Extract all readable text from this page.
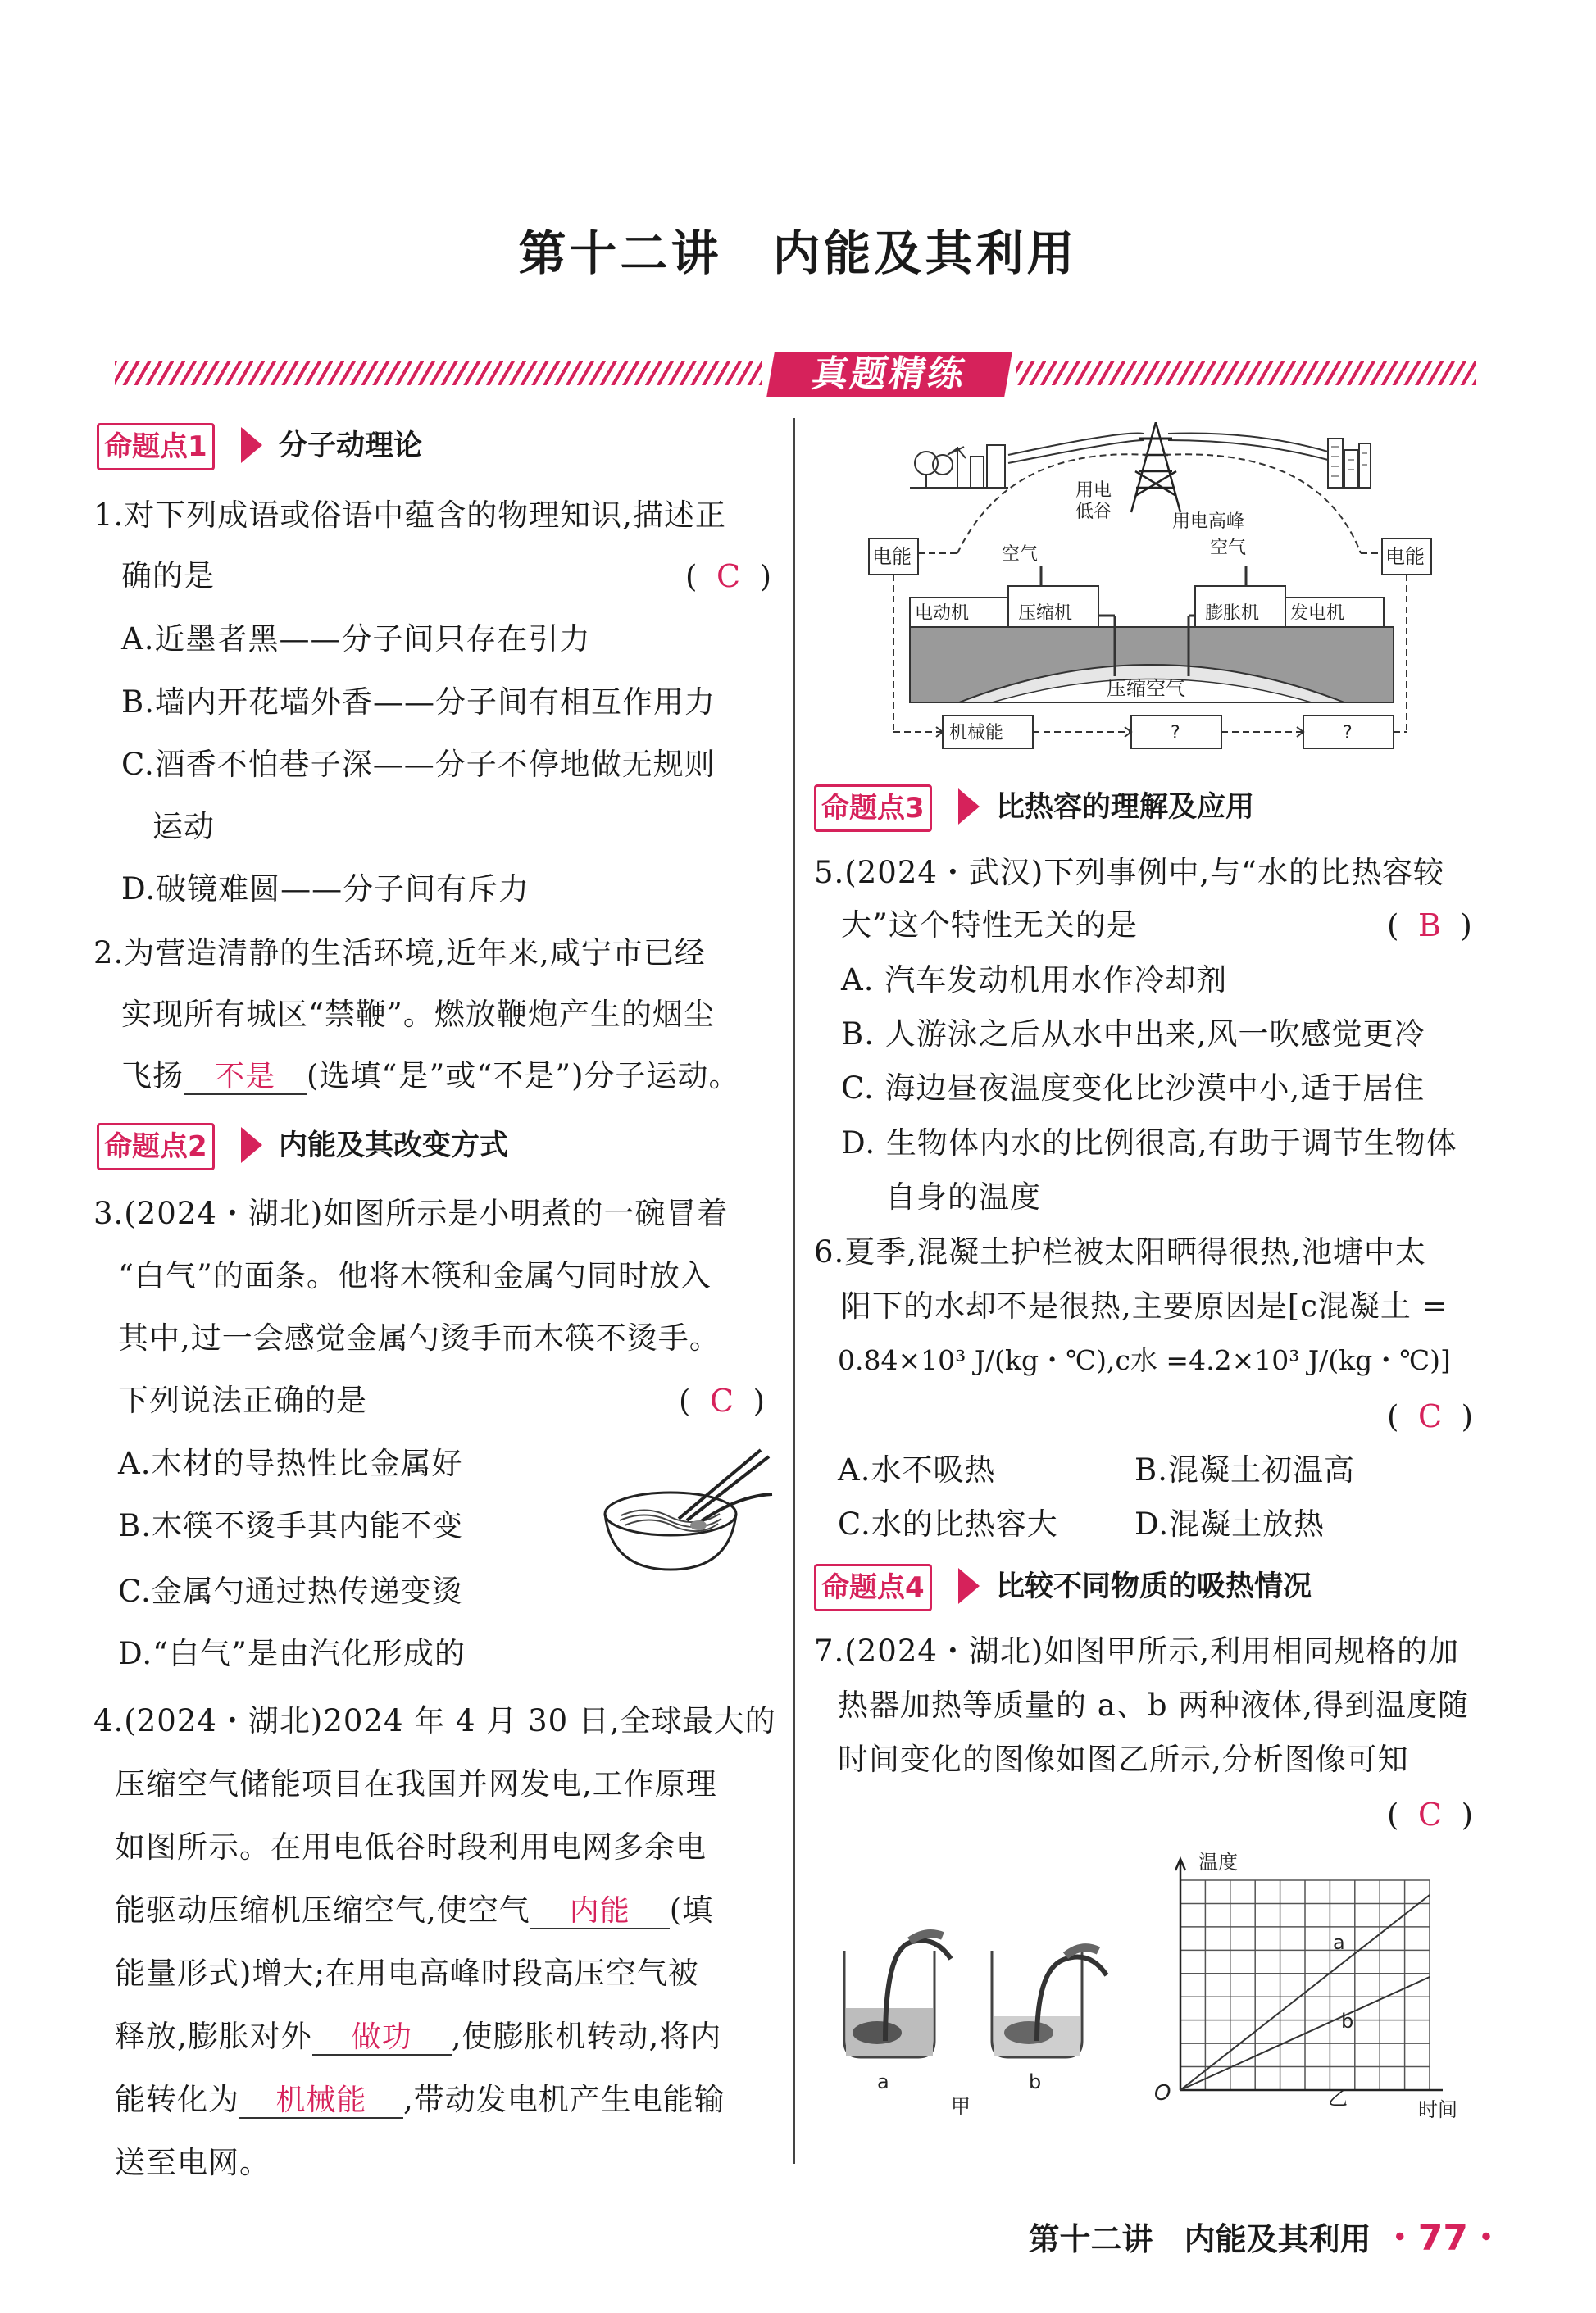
第十二讲　内能及其利用
真题精练
命题点1 分子动理论
1.对下列成语或俗语中蕴含的物理知识,描述正
确的是	(  C  )
A.近墨者黑——分子间只存在引力
B.墙内开花墙外香——分子间有相互作用力
C.酒香不怕巷子深——分子不停地做无规则
运动
D.破镜难圆——分子间有斥力
2.为营造清静的生活环境,近年来,咸宁市已经
实现所有城区“禁鞭”。燃放鞭炮产生的烟尘
飞扬 不是 (选填“是”或“不是”)分子运动。
命题点2 内能及其改变方式
3.(2024・湖北)如图所示是小明煮的一碗冒着
“白气”的面条。他将木筷和金属勺同时放入
其中,过一会感觉金属勺烫手而木筷不烫手。
下列说法正确的是	(  C  )
A.木材的导热性比金属好
B.木筷不烫手其内能不变
C.金属勺通过热传递变烫
D.“白气”是由汽化形成的
4.(2024・湖北)2024 年 4 月 30 日,全球最大的
压缩空气储能项目在我国并网发电,工作原理
如图所示。在用电低谷时段利用电网多余电
能驱动压缩机压缩空气,使空气 内能 (填
能量形式)增大;在用电高峰时段高压空气被
释放,膨胀对外 做功 ,使膨胀机转动,将内
能转化为 机械能 ,带动发电机产生电能输
送至电网。
用电
低谷	用电高峰
空气	空气
电能	电能
压缩空气
电动机	压缩机	膨胀机 发电机
机械能	?	?
命题点3 比热容的理解及应用
5.(2024・武汉)下列事例中,与“水的比热容较
大”这个特性无关的是	(  B  )
A. 汽车发动机用水作冷却剂
B. 人游泳之后从水中出来,风一吹感觉更冷
C. 海边昼夜温度变化比沙漠中小,适于居住
D. 生物体内水的比例很高,有助于调节生物体
自身的温度
6.夏季,混凝土护栏被太阳晒得很热,池塘中太
阳下的水却不是很热,主要原因是[c混凝土 =
0.84×10³ J/(kg・℃),c水 =4.2×10³ J/(kg・℃)]
(  C  )
A.水不吸热	B.混凝土初温高
C.水的比热容大	D.混凝土放热
命题点4 比较不同物质的吸热情况
7.(2024・湖北)如图甲所示,利用相同规格的加
热器加热等质量的 a、b 两种液体,得到温度随
时间变化的图像如图乙所示,分析图像可知
(  C  )
a	b
甲
温度
时间
O	乙
a
b
第十二讲　内能及其利用 ・77・
